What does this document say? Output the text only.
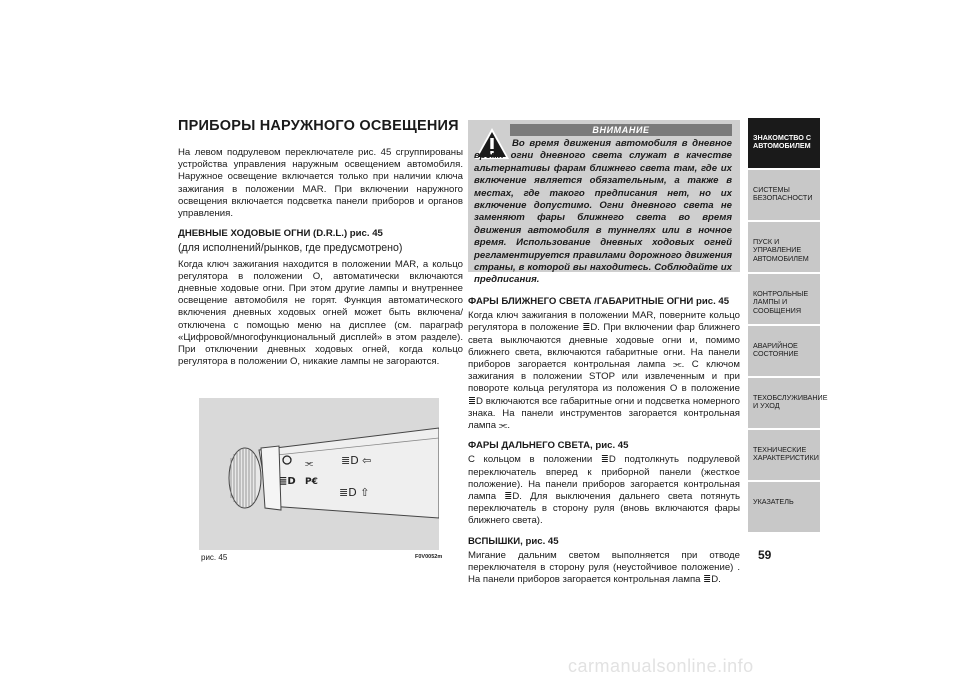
ПРИБОРЫ НАРУЖНОГО ОСВЕЩЕНИЯ

На левом подрулевом переключателе рис. 45 сгруппированы устройства управления наружным освещением автомобиля. Наружное освещение включается только при наличии ключа зажигания в положении MAR. При включении наружного освещения включается подсветка панели приборов и органов управления.

ДНЕВНЫЕ ХОДОВЫЕ ОГНИ (D.R.L.) рис. 45
(для исполнений/рынков, где предусмотрено)

Когда ключ зажигания находится в положении MAR, а кольцо регулятора в положении O, автоматически включаются дневные ходовые огни. При этом другие лампы и внутреннее освещение автомобиля не горят. Функция автоматического включения дневных ходовых огней может быть включена/отключена с помощью меню на дисплее (см. параграф «Цифровой/многофункциональный дисплей» в этом разделе). При отключении дневных ходовых огней, когда кольцо регулятора в положении O, никакие лампы не загораются.

ВНИМАНИЕ
Во время движения автомобиля в дневное время огни дневного света служат в качестве альтернативы фарам ближнего света там, где их включение является обязательным, а также в местах, где такого предписания нет, но их включение допустимо. Огни дневного света не заменяют фары ближнего света во время движения автомобиля в туннелях или в ночное время. Использование дневных ходовых огней регламентируется правилами дорожного движения страны, в которой вы находитесь. Соблюдайте их предписания.
ФАРЫ БЛИЖНЕГО СВЕТА /ГАБАРИТНЫЕ ОГНИ рис. 45

Когда ключ зажигания в положении MAR, поверните кольцо регулятора в положение ≣D. При включении фар ближнего света выключаются дневные ходовые огни и, помимо ближнего света, включаются габаритные огни. На панели приборов загорается контрольная лампа ⫘. С ключом зажигания в положении STOP или извлеченным и при повороте кольца регулятора из положения O в положение ≣D включаются все габаритные огни и подсветка номерного знака. На панели инструментов загорается контрольная лампа ⫘.

ФАРЫ ДАЛЬНЕГО СВЕТА, рис. 45

С кольцом в положении ≣D подтолкнуть подрулевой переключатель вперед к приборной панели (жесткое положение). На панели приборов загорается контрольная лампа ≣D. Для выключения дальнего света потянуть переключатель в сторону руля (вновь включаются фары ближнего света).

ВСПЫШКИ, рис. 45

Мигание дальним светом выполняется при отводе переключателя в сторону руля (неустойчивое положение) . На панели приборов загорается контрольная лампа ≣D.

≣D
⫘
P€
≣D ⇦
≣D ⇧
рис. 45	F0V0052m
ЗНАКОМСТВО С АВТОМОБИЛЕМ
СИСТЕМЫ БЕЗОПАСНОСТИ
ПУСК И УПРАВЛЕНИЕ АВТОМОБИЛЕМ
КОНТРОЛЬНЫЕ ЛАМПЫ И СООБЩЕНИЯ
АВАРИЙНОЕ СОСТОЯНИЕ
ТЕХОБСЛУЖИВАНИЕ И УХОД
ТЕХНИЧЕСКИЕ ХАРАКТЕРИСТИКИ
УКАЗАТЕЛЬ
59
carmanualsonline.info
